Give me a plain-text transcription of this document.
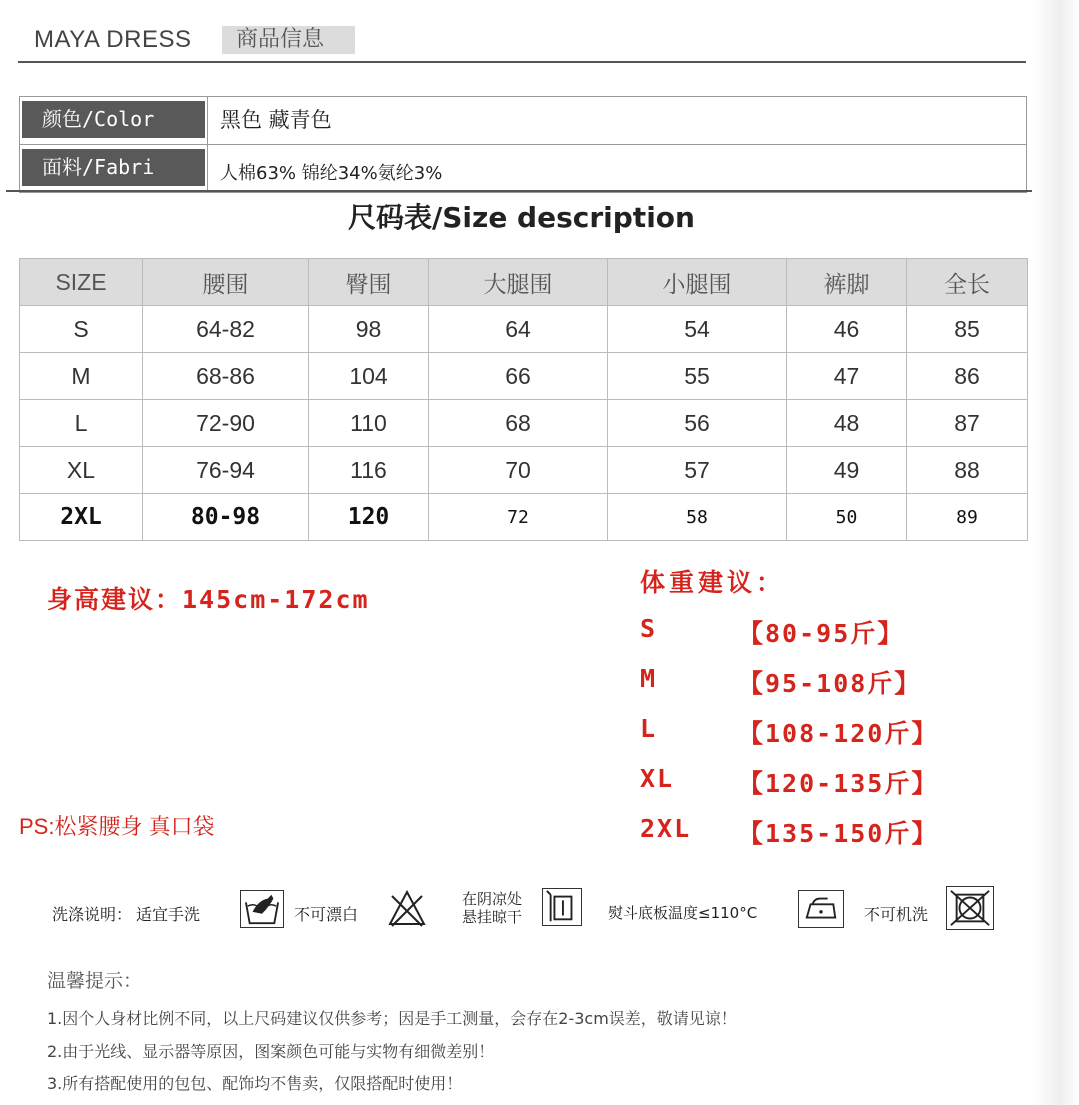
MAYA DRESS	商品信息
颜色/Color	黑色 藏青色
面料/Fabri	人棉63% 锦纶34%氨纶3%
尺码表/Size description
SIZE	腰围	臀围	大腿围	小腿围	裤脚	全长
S	64-82	98	64	54	46	85
M	68-86	104	66	55	47	86
L	72-90	110	68	56	48	87
XL	76-94	116	70	57	49	88
2XL	80-98	120	72	58	50	89
身高建议：145cm-172cm
体重建议：
S	【80-95斤】
M	【95-108斤】
L	【108-120斤】
XL	【120-135斤】
2XL 【135-150斤】
PS:松紧腰身 真口袋
洗涤说明： 适宜手洗	不可漂白
在阴凉处
悬挂晾干	熨斗底板温度≤110°C	不可机洗
温馨提示：
1.因个人身材比例不同，以上尺码建议仅供参考；因是手工测量，会存在2-3cm误差，敬请见谅！
2.由于光线、显示器等原因，图案颜色可能与实物有细微差别！
3.所有搭配使用的包包、配饰均不售卖，仅限搭配时使用！
